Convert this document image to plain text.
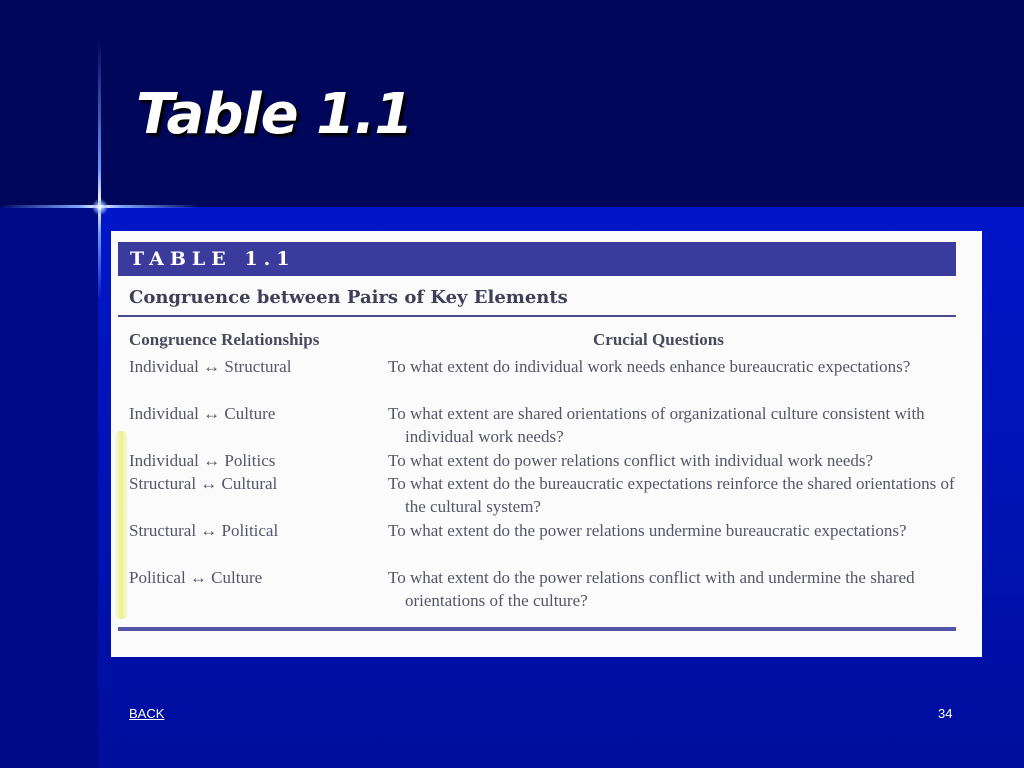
Table 1.1

TABLE 1.1

Congruence between Pairs of Key Elements

Congruence Relationships	Crucial Questions

Individual ↔ Structural	To what extent do individual work needs enhance bureaucratic expectations?

Individual ↔ Culture	To what extent are shared orientations of organizational culture consistent with individual work needs?

Individual ↔ Politics	To what extent do power relations conflict with individual work needs?

Structural ↔ Cultural	To what extent do the bureaucratic expectations reinforce the shared orientations of the cultural system?

Structural ↔ Political	To what extent do the power relations undermine bureaucratic expectations?

Political ↔ Culture	To what extent do the power relations conflict with and undermine the shared orientations of the culture?

BACK	34
